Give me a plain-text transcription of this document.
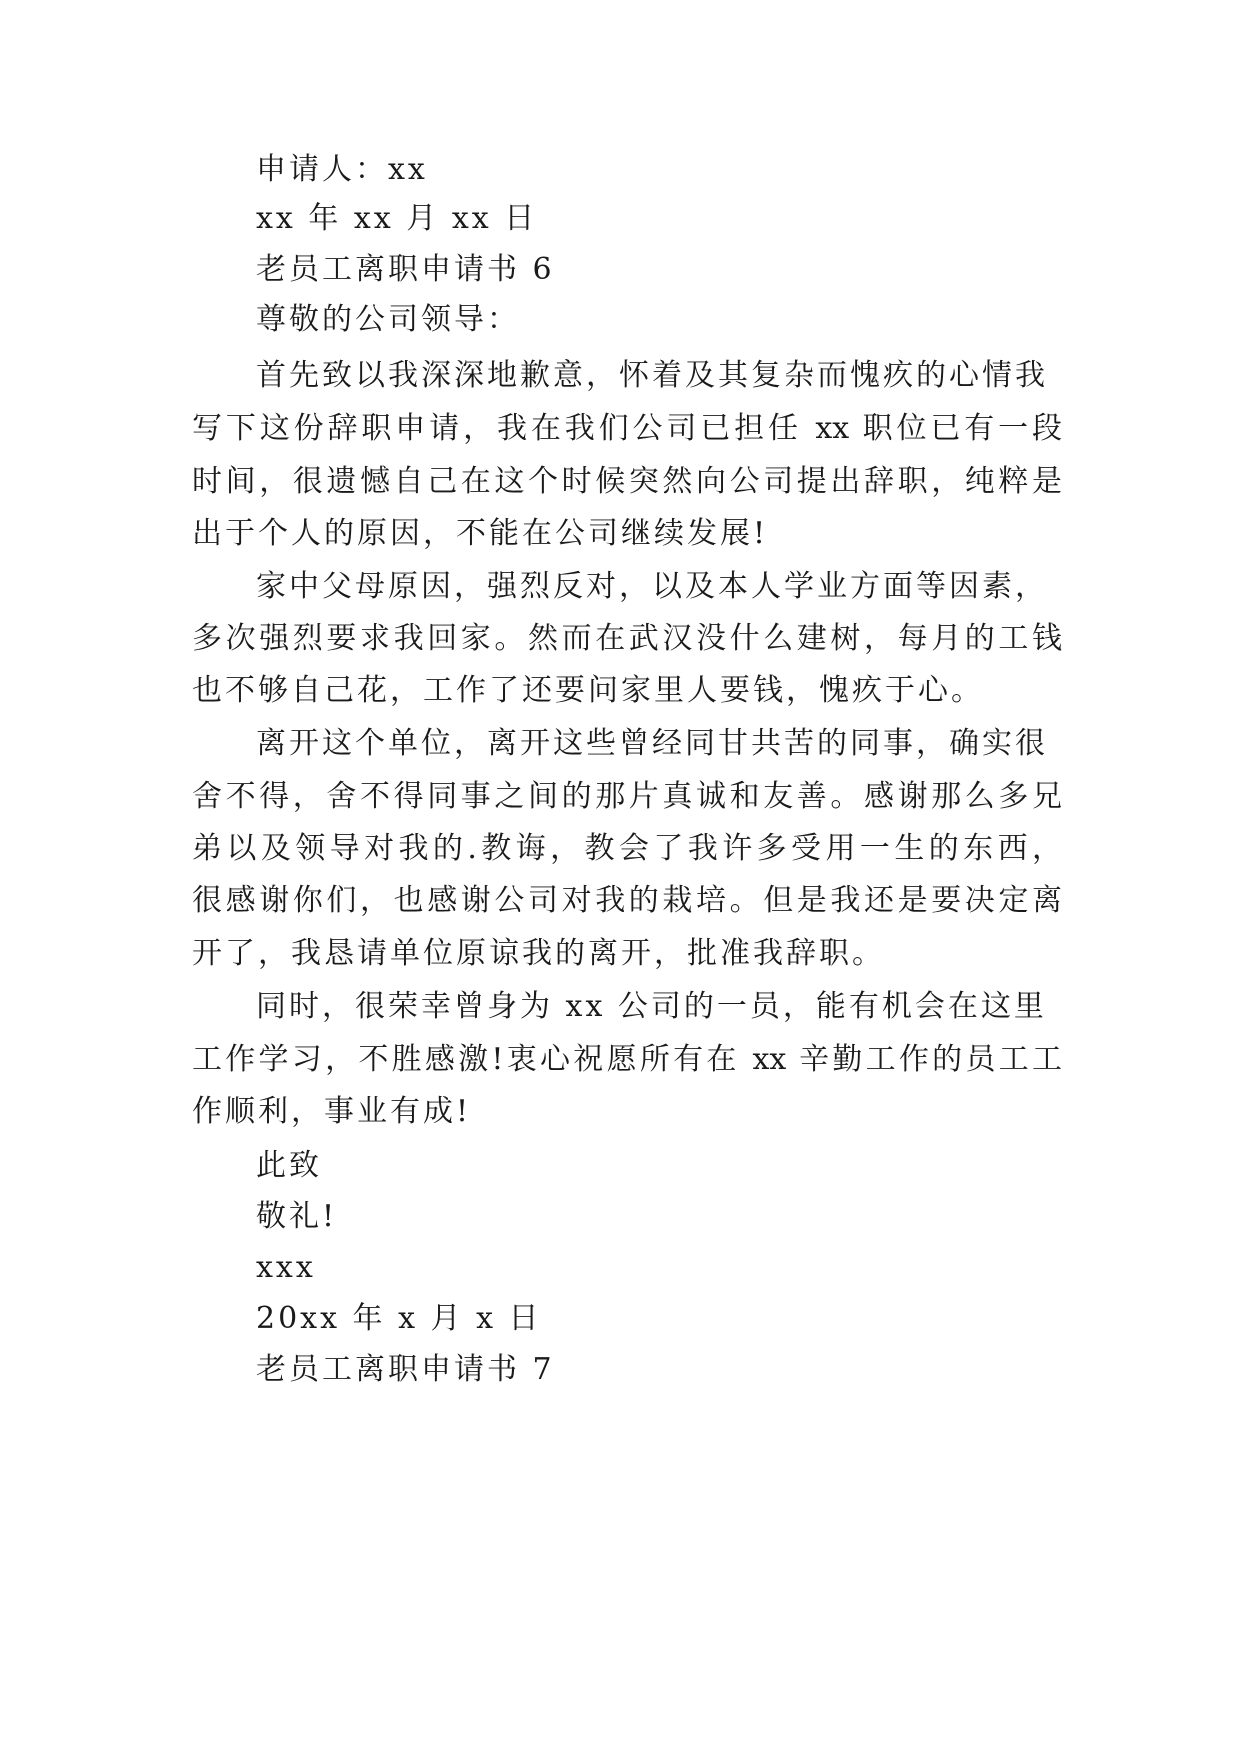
申请人：xx

xx 年 xx 月 xx 日

老员工离职申请书 6

尊敬的公司领导：

首先致以我深深地歉意，怀着及其复杂而愧疚的心情我

写下这份辞职申请，我在我们公司已担任 xx 职位已有一段

时间，很遗憾自己在这个时候突然向公司提出辞职，纯粹是

出于个人的原因，不能在公司继续发展!

家中父母原因，强烈反对，以及本人学业方面等因素，

多次强烈要求我回家。然而在武汉没什么建树，每月的工钱

也不够自己花，工作了还要问家里人要钱，愧疚于心。

离开这个单位，离开这些曾经同甘共苦的同事，确实很

舍不得，舍不得同事之间的那片真诚和友善。感谢那么多兄

弟以及领导对我的.教诲，教会了我许多受用一生的东西，

很感谢你们，也感谢公司对我的栽培。但是我还是要决定离

开了，我恳请单位原谅我的离开，批准我辞职。

同时，很荣幸曾身为 xx 公司的一员，能有机会在这里

工作学习，不胜感激!衷心祝愿所有在 xx 辛勤工作的员工工

作顺利，事业有成!

此致

敬礼!

xxx

20xx 年 x 月 x 日

老员工离职申请书 7
